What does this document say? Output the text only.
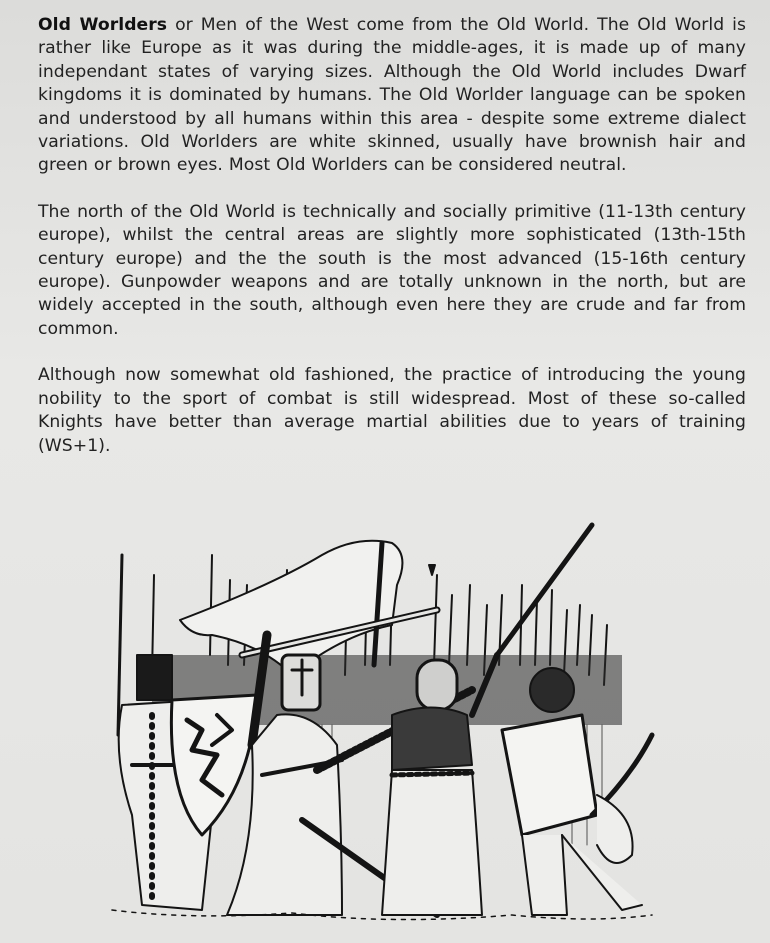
Old Worlders or Men of the West come from the Old World. The Old World is rather like Europe as it was during the middle-ages, it is made up of many independant states of varying sizes. Although the Old World includes Dwarf kingdoms it is dominated by humans. The Old Worlder language can be spoken and understood by all humans within this area - despite some extreme dialect variations. Old Worlders are white skinned, usually have brownish hair and green or brown eyes. Most Old Worlders can be considered neutral.

The north of the Old World is technically and socially primitive (11-13th century europe), whilst the central areas are slightly more sophisticated (13th-15th century europe) and the the south is the most advanced (15-16th century europe). Gunpowder weapons and are totally unknown in the north, but are widely accepted in the south, although even here they are crude and far from common.

Although now somewhat old fashioned, the practice of introducing the young nobility to the sport of combat is still widespread. Most of these so-called Knights have better than average martial abilities due to years of training (WS+1).
